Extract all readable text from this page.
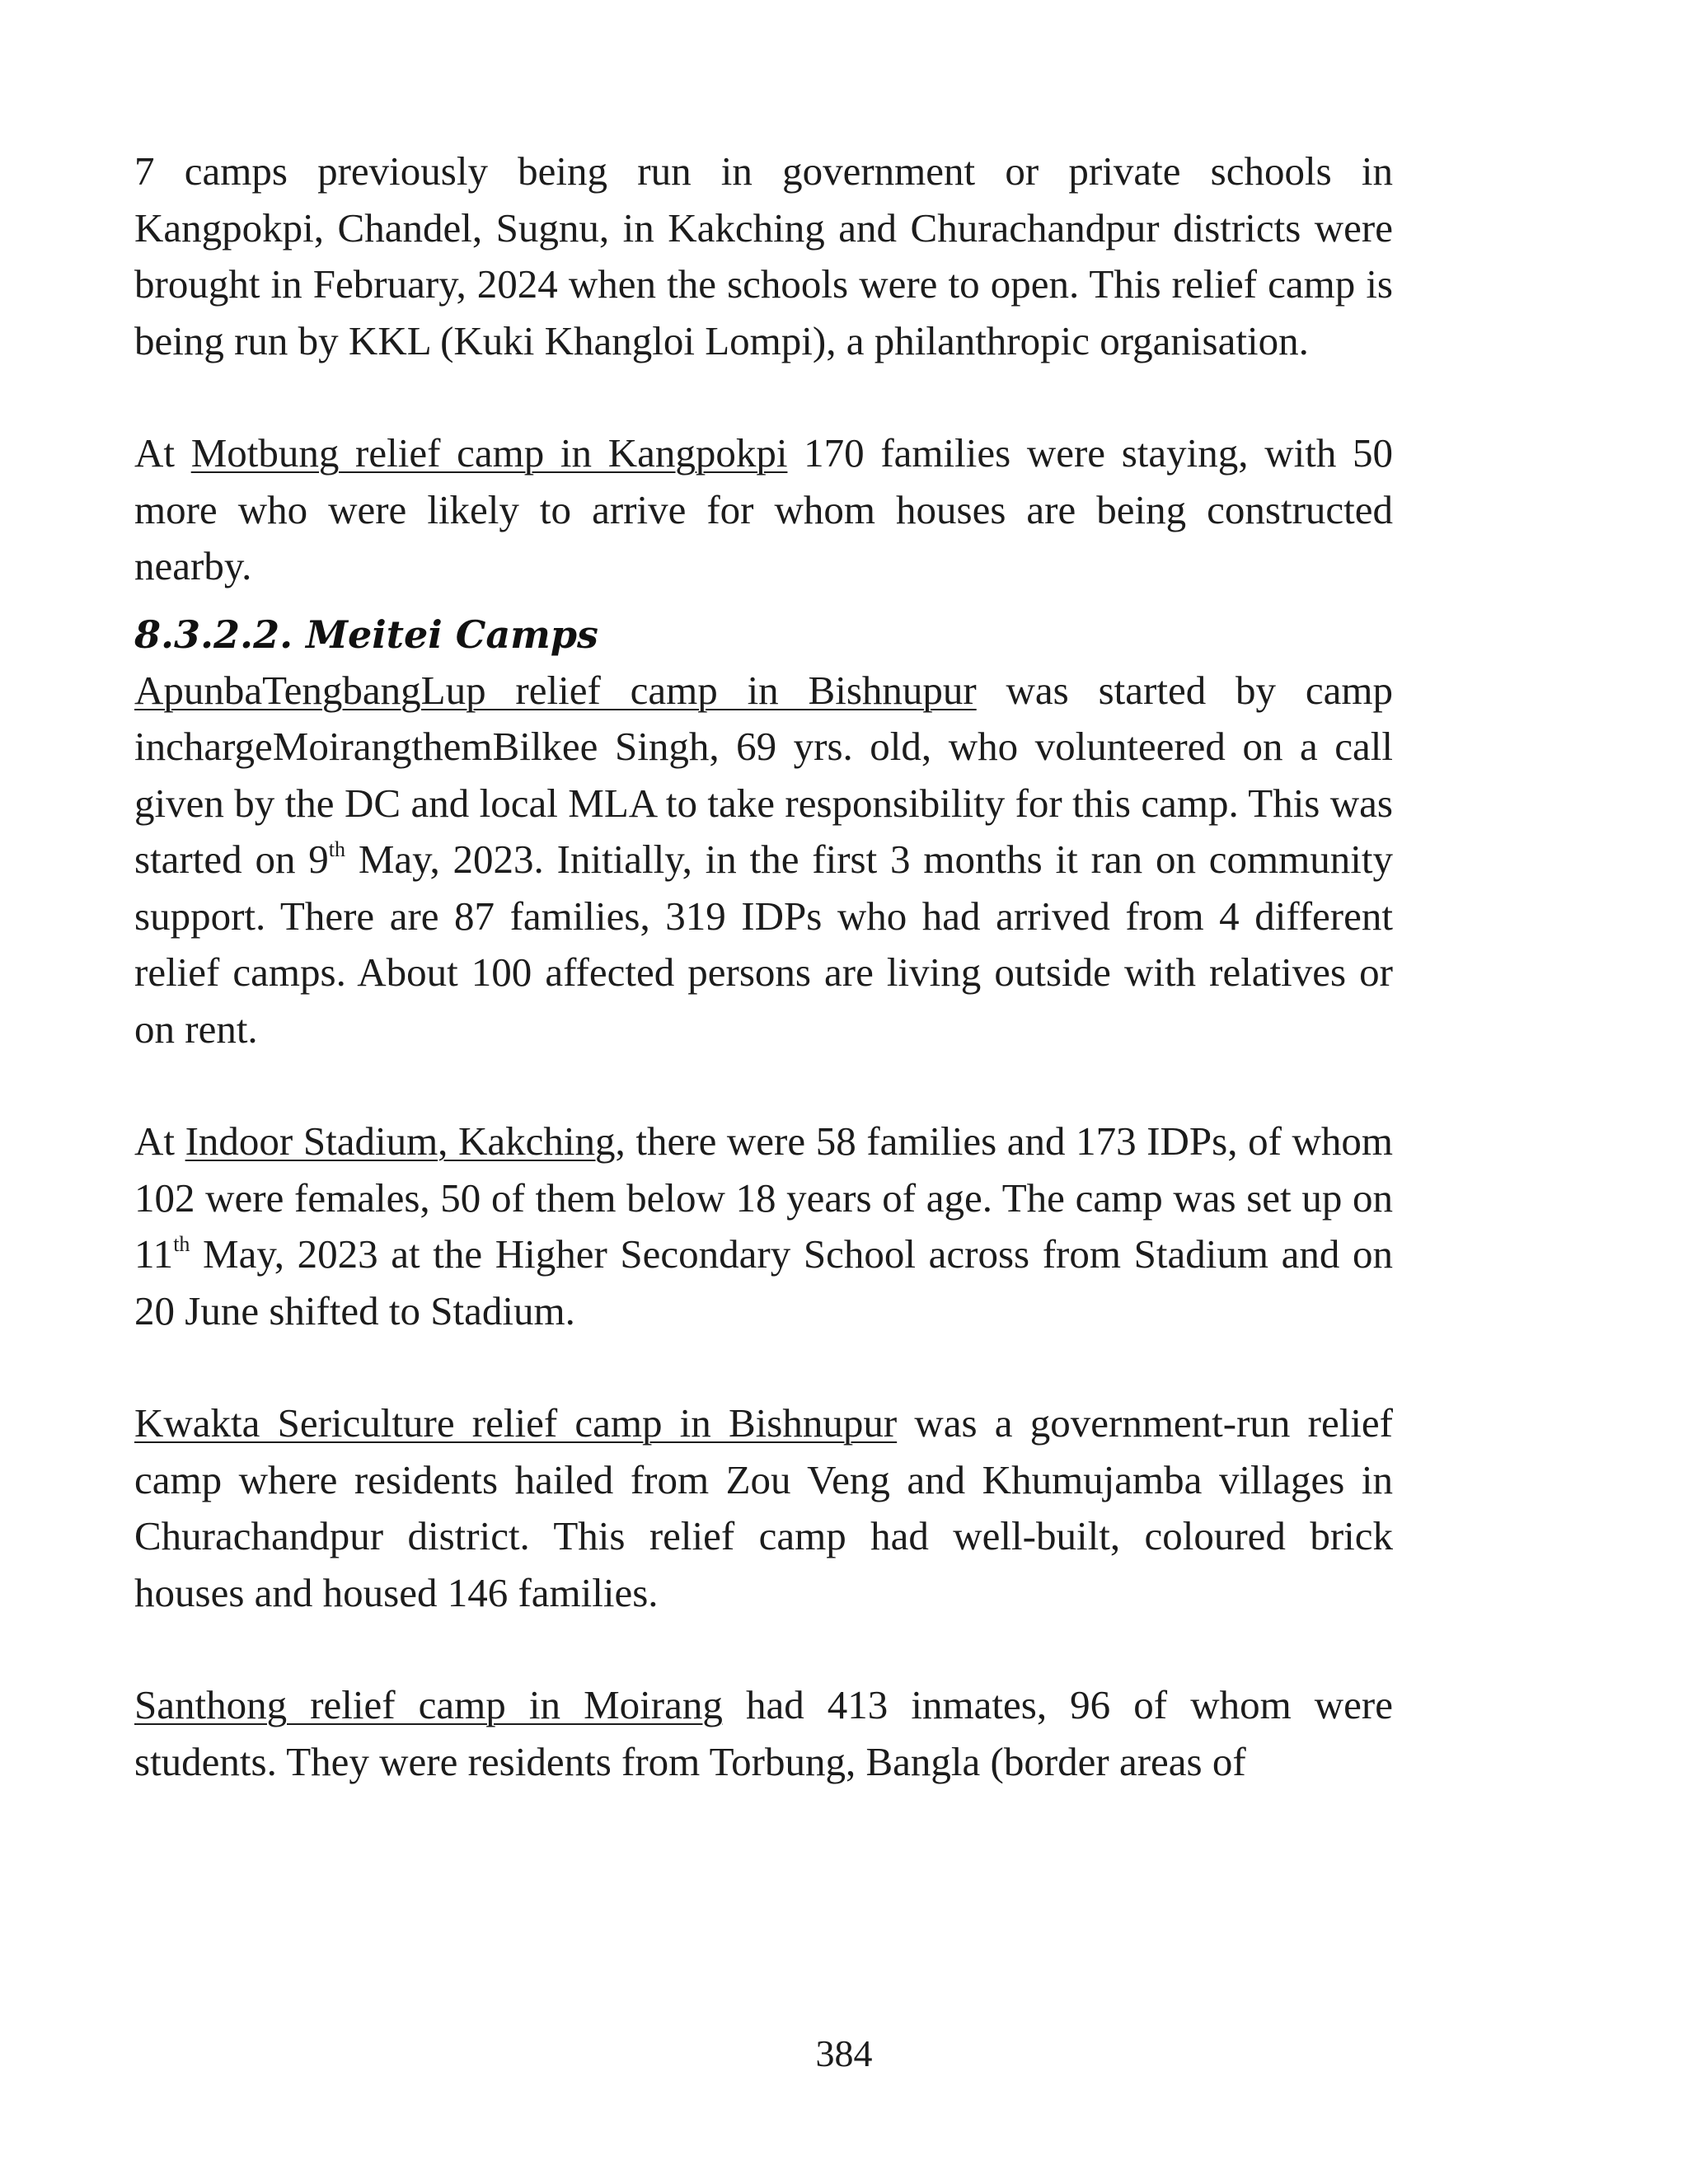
7 camps previously being run in government or private schools in Kangpokpi, Chandel, Sugnu, in Kakching and Churachandpur districts were brought in February, 2024 when the schools were to open. This relief camp is being run by KKL (Kuki Khangloi Lompi), a philanthropic organisation.

At Motbung relief camp in Kangpokpi 170 families were staying, with 50 more who were likely to arrive for whom houses are being constructed nearby.

8.3.2.2. Meitei Camps

ApunbaTengbangLup relief camp in Bishnupur was started by camp inchargeMoirangthemBilkee Singh, 69 yrs. old, who volunteered on a call given by the DC and local MLA to take responsibility for this camp. This was started on 9th May, 2023. Initially, in the first 3 months it ran on community support. There are 87 families, 319 IDPs who had arrived from 4 different relief camps. About 100 affected persons are living outside with relatives or on rent.

At Indoor Stadium, Kakching, there were 58 families and 173 IDPs, of whom 102 were females, 50 of them below 18 years of age. The camp was set up on 11th May, 2023 at the Higher Secondary School across from Stadium and on 20 June shifted to Stadium.

Kwakta Sericulture relief camp in Bishnupur was a government-run relief camp where residents hailed from Zou Veng and Khumujamba villages in Churachandpur district. This relief camp had well-built, coloured brick houses and housed 146 families.

Santhong relief camp in Moirang had 413 inmates, 96 of whom were students. They were residents from Torbung, Bangla (border areas of

384
